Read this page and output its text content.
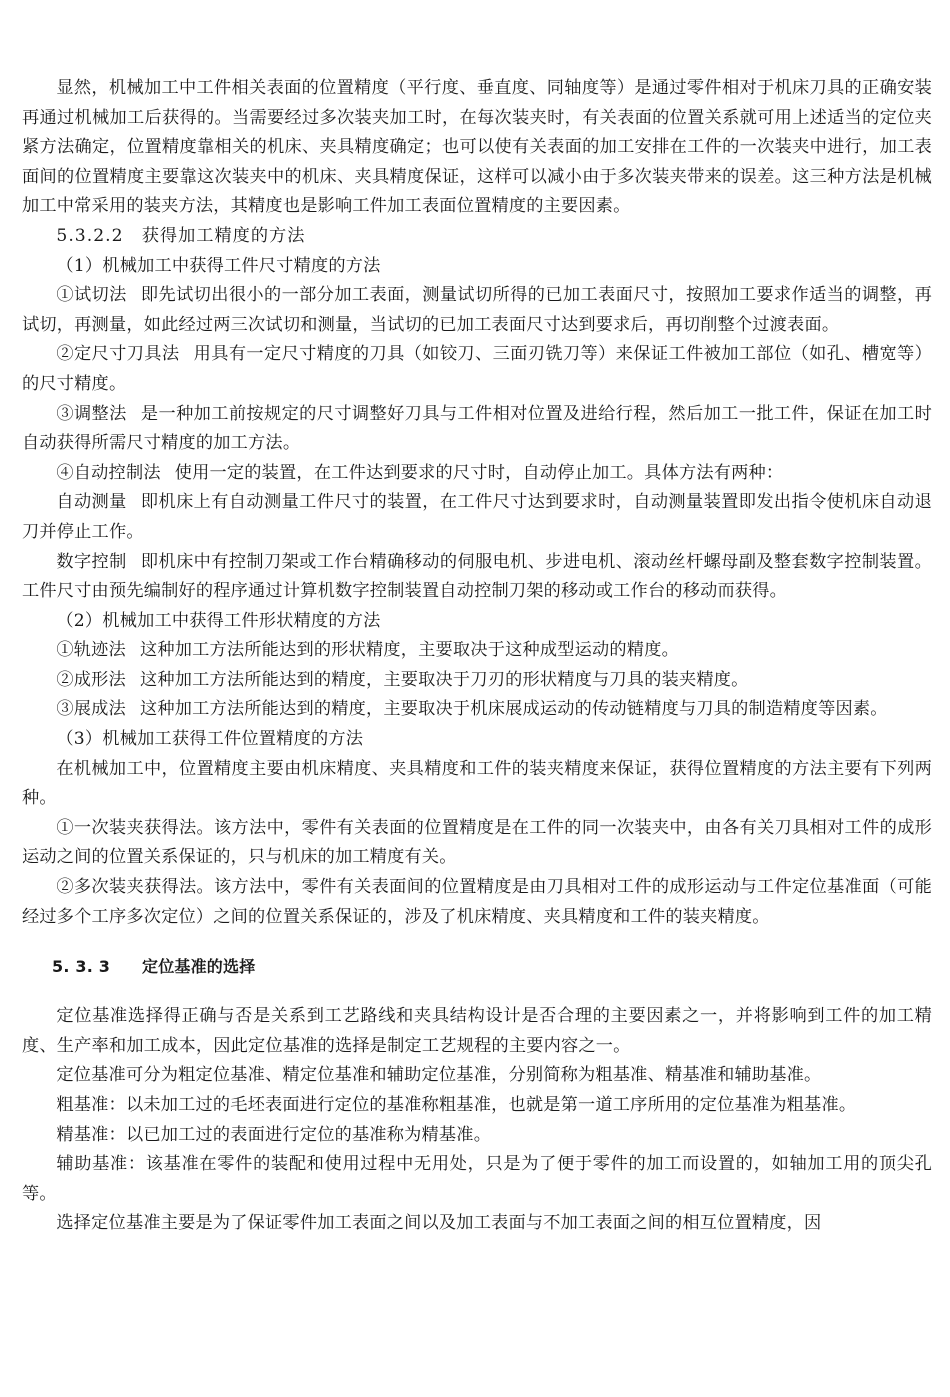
显然，机械加工中工件相关表面的位置精度（平行度、垂直度、同轴度等）是通过零件相对于机床刀具的正确安装再通过机械加工后获得的。当需要经过多次装夹加工时，在每次装夹时，有关表面的位置关系就可用上述适当的定位夹紧方法确定，位置精度靠相关的机床、夹具精度确定；也可以使有关表面的加工安排在工件的一次装夹中进行，加工表面间的位置精度主要靠这次装夹中的机床、夹具精度保证，这样可以减小由于多次装夹带来的误差。这三种方法是机械加工中常采用的装夹方法，其精度也是影响工件加工表面位置精度的主要因素。

5.3.2.2　获得加工精度的方法

（1）机械加工中获得工件尺寸精度的方法

①试切法 即先试切出很小的一部分加工表面，测量试切所得的已加工表面尺寸，按照加工要求作适当的调整，再试切，再测量，如此经过两三次试切和测量，当试切的已加工表面尺寸达到要求后，再切削整个过渡表面。

②定尺寸刀具法 用具有一定尺寸精度的刀具（如铰刀、三面刃铣刀等）来保证工件被加工部位（如孔、槽宽等）的尺寸精度。

③调整法 是一种加工前按规定的尺寸调整好刀具与工件相对位置及进给行程，然后加工一批工件，保证在加工时自动获得所需尺寸精度的加工方法。

④自动控制法 使用一定的装置，在工件达到要求的尺寸时，自动停止加工。具体方法有两种：

自动测量 即机床上有自动测量工件尺寸的装置，在工件尺寸达到要求时，自动测量装置即发出指令使机床自动退刀并停止工作。

数字控制 即机床中有控制刀架或工作台精确移动的伺服电机、步进电机、滚动丝杆螺母副及整套数字控制装置。工件尺寸由预先编制好的程序通过计算机数字控制装置自动控制刀架的移动或工作台的移动而获得。

（2）机械加工中获得工件形状精度的方法

①轨迹法 这种加工方法所能达到的形状精度，主要取决于这种成型运动的精度。

②成形法 这种加工方法所能达到的精度，主要取决于刀刃的形状精度与刀具的装夹精度。

③展成法 这种加工方法所能达到的精度，主要取决于机床展成运动的传动链精度与刀具的制造精度等因素。

（3）机械加工获得工件位置精度的方法

在机械加工中，位置精度主要由机床精度、夹具精度和工件的装夹精度来保证，获得位置精度的方法主要有下列两种。

①一次装夹获得法。该方法中，零件有关表面的位置精度是在工件的同一次装夹中，由各有关刀具相对工件的成形运动之间的位置关系保证的，只与机床的加工精度有关。

②多次装夹获得法。该方法中，零件有关表面间的位置精度是由刀具相对工件的成形运动与工件定位基准面（可能经过多个工序多次定位）之间的位置关系保证的，涉及了机床精度、夹具精度和工件的装夹精度。

5. 3. 3 定位基准的选择

定位基准选择得正确与否是关系到工艺路线和夹具结构设计是否合理的主要因素之一，并将影响到工件的加工精度、生产率和加工成本，因此定位基准的选择是制定工艺规程的主要内容之一。

定位基准可分为粗定位基准、精定位基准和辅助定位基准，分别简称为粗基准、精基准和辅助基准。

粗基准：以未加工过的毛坯表面进行定位的基准称粗基准，也就是第一道工序所用的定位基准为粗基准。

精基准：以已加工过的表面进行定位的基准称为精基准。

辅助基准：该基准在零件的装配和使用过程中无用处，只是为了便于零件的加工而设置的，如轴加工用的顶尖孔等。

选择定位基准主要是为了保证零件加工表面之间以及加工表面与不加工表面之间的相互位置精度，因
